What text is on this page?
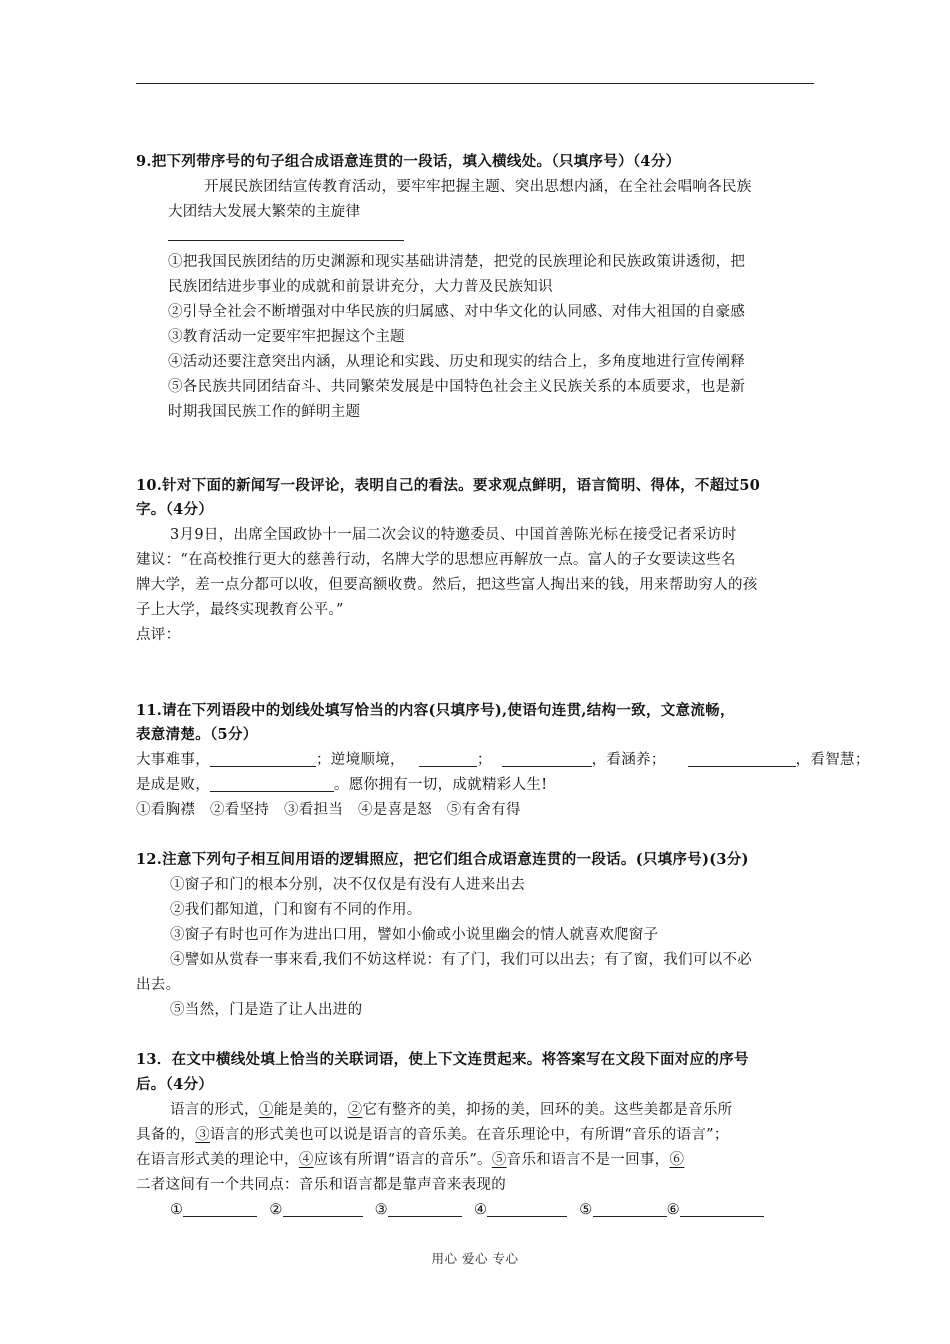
9.把下列带序号的句子组合成语意连贯的一段话，填入横线处。（只填序号）（4分）
开展民族团结宣传教育活动，要牢牢把握主题、突出思想内涵，在全社会唱响各民族
大团结大发展大繁荣的主旋律
①把我国民族团结的历史渊源和现实基础讲清楚，把党的民族理论和民族政策讲透彻，把
民族团结进步事业的成就和前景讲充分，大力普及民族知识
②引导全社会不断增强对中华民族的归属感、对中华文化的认同感、对伟大祖国的自豪感
③教育活动一定要牢牢把握这个主题
④活动还要注意突出内涵，从理论和实践、历史和现实的结合上，多角度地进行宣传阐释
⑤各民族共同团结奋斗、共同繁荣发展是中国特色社会主义民族关系的本质要求，也是新
时期我国民族工作的鲜明主题
10.针对下面的新闻写一段评论，表明自己的看法。要求观点鲜明，语言简明、得体，不超过50
字。（4分）
3月9日，出席全国政协十一届二次会议的特邀委员、中国首善陈光标在接受记者采访时
建议：“在高校推行更大的慈善行动，名牌大学的思想应再解放一点。富人的子女要读这些名
牌大学，差一点分都可以收，但要高额收费。然后，把这些富人掏出来的钱，用来帮助穷人的孩
子上大学，最终实现教育公平。”
点评：
11.请在下列语段中的划线处填写恰当的内容(只填序号),使语句连贯,结构一致，文意流畅，
表意清楚。（5分）
大事难事，	；逆境顺境，	；	，看涵养；	，看智慧；
是成是败，	。愿你拥有一切，成就精彩人生!
①看胸襟　②看坚持　③看担当　④是喜是怒　⑤有舍有得
12.注意下列句子相互间用语的逻辑照应，把它们组合成语意连贯的一段话。(只填序号)(3分)
①窗子和门的根本分别，决不仅仅是有没有人进来出去
②我们都知道，门和窗有不同的作用。
③窗子有时也可作为进出口用，譬如小偷或小说里幽会的情人就喜欢爬窗子
④譬如从赏春一事来看,我们不妨这样说：有了门，我们可以出去；有了窗，我们可以不必
出去。
⑤当然，门是造了让人出进的
13．在文中横线处填上恰当的关联词语，使上下文连贯起来。将答案写在文段下面对应的序号
后。（4分）
语言的形式，①能是美的，②它有整齐的美，抑扬的美，回环的美。这些美都是音乐所
具备的，③语言的形式美也可以说是语言的音乐美。在音乐理论中，有所谓“音乐的语言”；
在语言形式美的理论中，④应该有所谓“语言的音乐”。⑤音乐和语言不是一回事，⑥
二者这间有一个共同点：音乐和语言都是靠声音来表现的
①	②	③	④	⑤	⑥
用心 爱心 专心
